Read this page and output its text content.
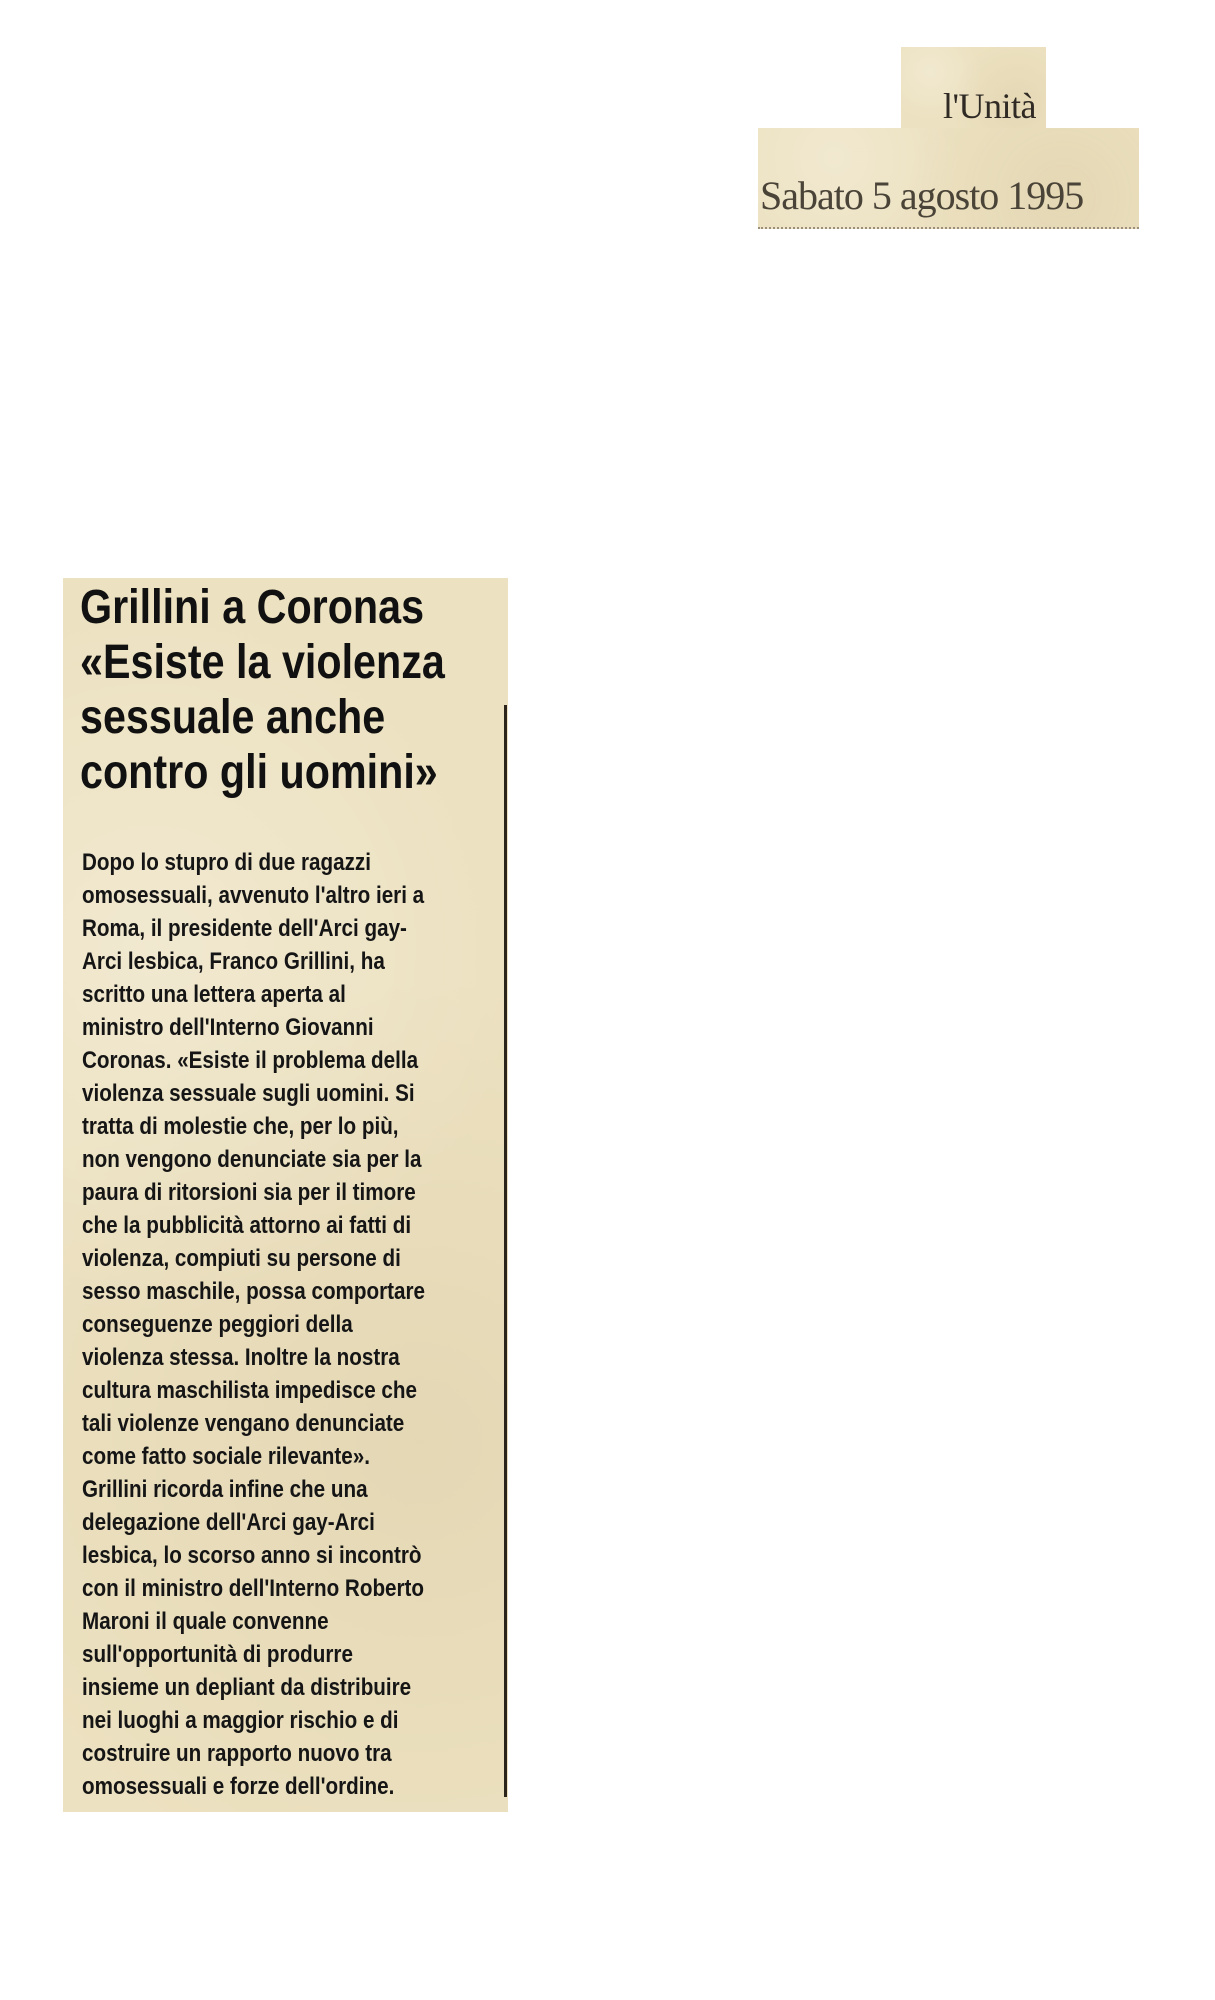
l'Unità
Sabato 5 agosto 1995
Grillini a Coronas
«Esiste la violenza
sessuale anche
contro gli uomini»
Dopo lo stupro di due ragazzi
omosessuali, avvenuto l'altro ieri a
Roma, il presidente dell'Arci gay-
Arci lesbica, Franco Grillini, ha
scritto una lettera aperta al
ministro dell'Interno Giovanni
Coronas. «Esiste il problema della
violenza sessuale sugli uomini. Si
tratta di molestie che, per lo più,
non vengono denunciate sia per la
paura di ritorsioni sia per il timore
che la pubblicità attorno ai fatti di
violenza, compiuti su persone di
sesso maschile, possa comportare
conseguenze peggiori della
violenza stessa. Inoltre la nostra
cultura maschilista impedisce che
tali violenze vengano denunciate
come fatto sociale rilevante».
Grillini ricorda infine che una
delegazione dell'Arci gay-Arci
lesbica, lo scorso anno si incontrò
con il ministro dell'Interno Roberto
Maroni il quale convenne
sull'opportunità di produrre
insieme un depliant da distribuire
nei luoghi a maggior rischio e di
costruire un rapporto nuovo tra
omosessuali e forze dell'ordine.
